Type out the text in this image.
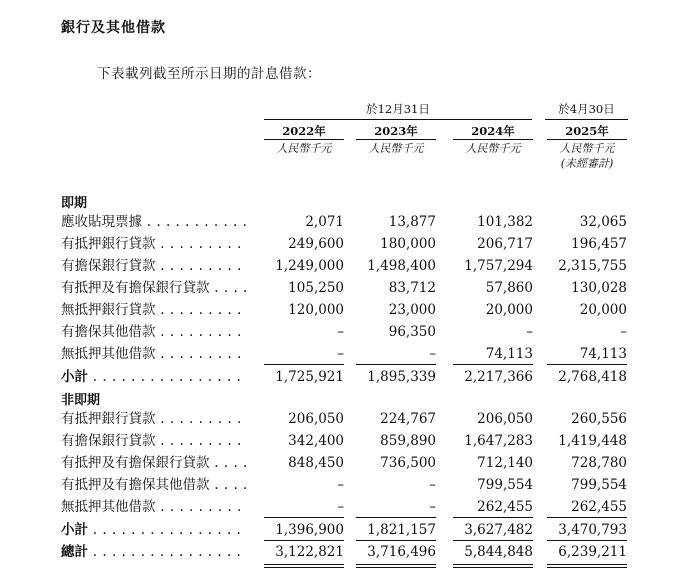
銀行及其他借款
下表載列截至所示日期的計息借款：
於12月31日	於4月30日
2022年	2023年	2024年	2025年
人民幣千元	人民幣千元	人民幣千元	人民幣千元
(未經審計)
即期
應收貼現票據 . . .	2,071	13,877	101,382	32,065
有抵押銀行貸款 . . .	249,600	180,000	206,717	196,457
有擔保銀行貸款 . . .	1,249,000	1,498,400	1,757,294	2,315,755
有抵押及有擔保銀行貸款 . . .	105,250	83,712	57,860	130,028
無抵押銀行貸款 . . .	120,000	23,000	20,000	20,000
有擔保其他借款 . . .	–	96,350	–	–
無抵押其他借款 . . .	–	–	74,113	74,113
小計 . . .	1,725,921	1,895,339	2,217,366	2,768,418
非即期
有抵押銀行貸款 . . .	206,050	224,767	206,050	260,556
有擔保銀行貸款 . . .	342,400	859,890	1,647,283	1,419,448
有抵押及有擔保銀行貸款 . . .	848,450	736,500	712,140	728,780
有抵押及有擔保其他借款 . . .	–	–	799,554	799,554
無抵押其他借款 . . .	–	–	262,455	262,455
小計 . . .	1,396,900	1,821,157	3,627,482	3,470,793
總計 . . .	3,122,821	3,716,496	5,844,848	6,239,211
